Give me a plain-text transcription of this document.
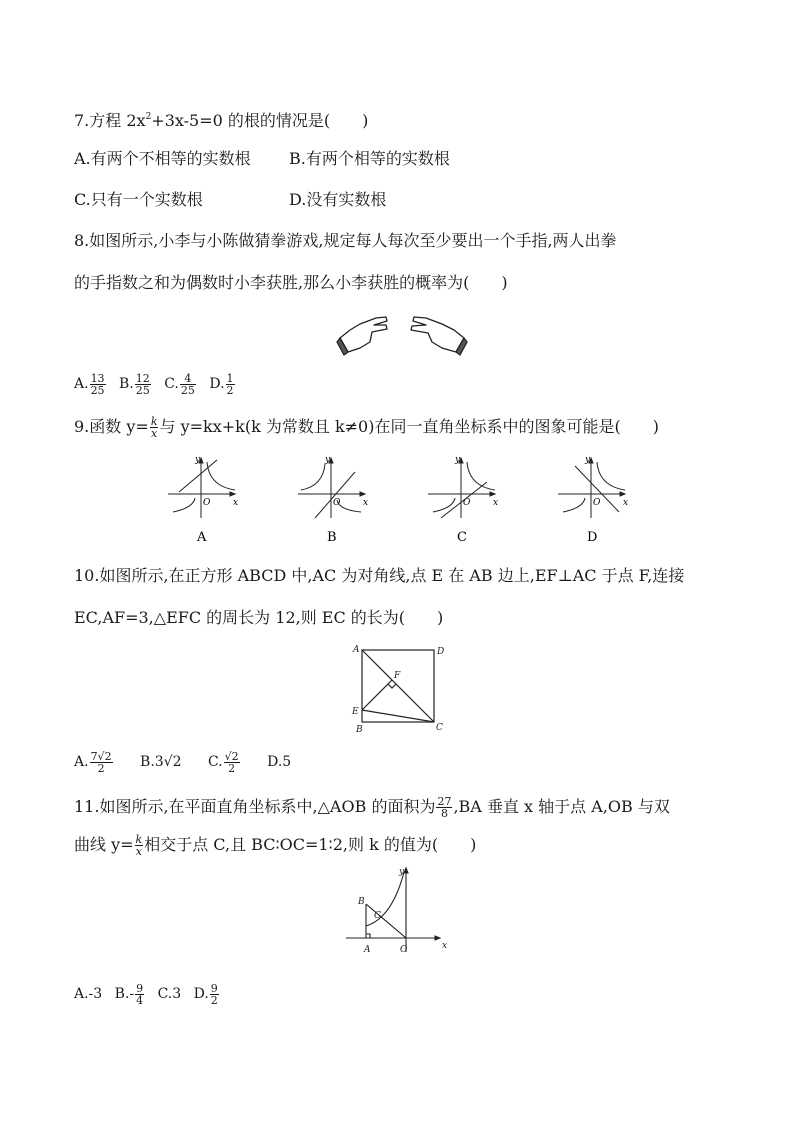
7.方程 $2x^2+3x-5=0$ 的根的情况是(　　)
A.有两个不相等的实数根 B.有两个相等的实数根
C.只有一个实数根	D.没有实数根
8.如图所示,小李与小陈做猜拳游戏,规定每人每次至少要出一个手指,两人出拳
的手指数之和为偶数时小李获胜,那么小李获胜的概率为(　　)
A. $\frac{13}{25} B$. $\frac{12}{25} C$. $\frac{4}{25} D$. $\frac{1}{2}$
9.函数 $y= \frac{k}{x}$ 与 y=kx+k(k 为常数且 k≠0)在同一直角坐标系中的图象可能是(　　)
y
x
O
A
y
x
O
B
y
x
O
C
y
x
O
D
10.如图所示,在正方形 ABCD 中,AC 为对角线,点 E 在 AB 边上,EF⊥AC 于点 F,连接
EC,AF=3,△EFC 的周长为 12,则 EC 的长为(　　)
A	D
F
E
B	C
A. $\frac{7√2}{2} B.3√2$ C. $\frac{√2}{2} D.5$
11.如图所示,在平面直角坐标系中,△AOB 的面积为 $\frac{27}{8} ,BA$ 垂直 x 轴于点 A,OB 与双
曲线 $y= \frac{k}{x}$ 相交于点 C,且 BC∶OC=1∶2,则 k 的值为(　　)
y
x
O
A
B
C
A.-3 $B.- \frac{9}{4} C.3$ D. $\frac{9}{2}$
